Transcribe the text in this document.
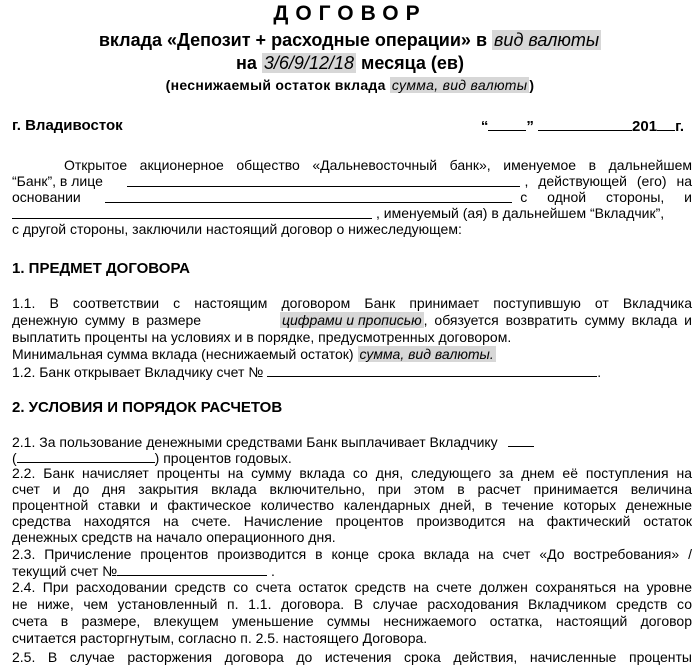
ДОГОВОР
вклада «Депозит + расходные операции» в вид валюты
на 3/6/9/12/18 месяца (ев)
(неснижаемый остаток вклада сумма, вид валюты )
г. Владивосток	“	”	201 г.
Открытое акционерное общество «Дальневосточный банк», именуемое в дальнейшем
“Банк”, в лице	, действующей (его) на
основании	с одной стороны, и
, именуемый (ая) в дальнейшем “Вкладчик”,
с другой стороны, заключили настоящий договор о нижеследующем:
1. ПРЕДМЕТ ДОГОВОРА
1.1. В соответствии с настоящим договором Банк принимает поступившую от Вкладчика
денежную сумму в размере	цифрами и прописью , обязуется возвратить сумму вклада и
выплатить проценты на условиях и в порядке, предусмотренных договором.
Минимальная сумма вклада (неснижаемый остаток) сумма, вид валюты.
1.2. Банк открывает Вкладчику счет №	.
2. УСЛОВИЯ И ПОРЯДОК РАСЧЕТОВ
2.1. За пользование денежными средствами Банк выплачивает Вкладчику
(	) процентов годовых.
2.2. Банк начисляет проценты на сумму вклада со дня, следующего за днем её поступления на
счет и до дня закрытия вклада включительно, при этом в расчет принимается величина
процентной ставки и фактическое количество календарных дней, в течение которых денежные
средства находятся на счете. Начисление процентов производится на фактический остаток
денежных средств на начало операционного дня.
2.3. Причисление процентов производится в конце срока вклада на счет «До востребования» /
текущий счет №	.
2.4. При расходовании средств со счета остаток средств на счете должен сохраняться на уровне
не ниже, чем установленный п. 1.1. договора. В случае расходования Вкладчиком средств со
счета в размере, влекущем уменьшение суммы неснижаемого остатка, настоящий договор
считается расторгнутым, согласно п. 2.5. настоящего Договора.
2.5. В случае расторжения договора до истечения срока действия, начисленные проценты
